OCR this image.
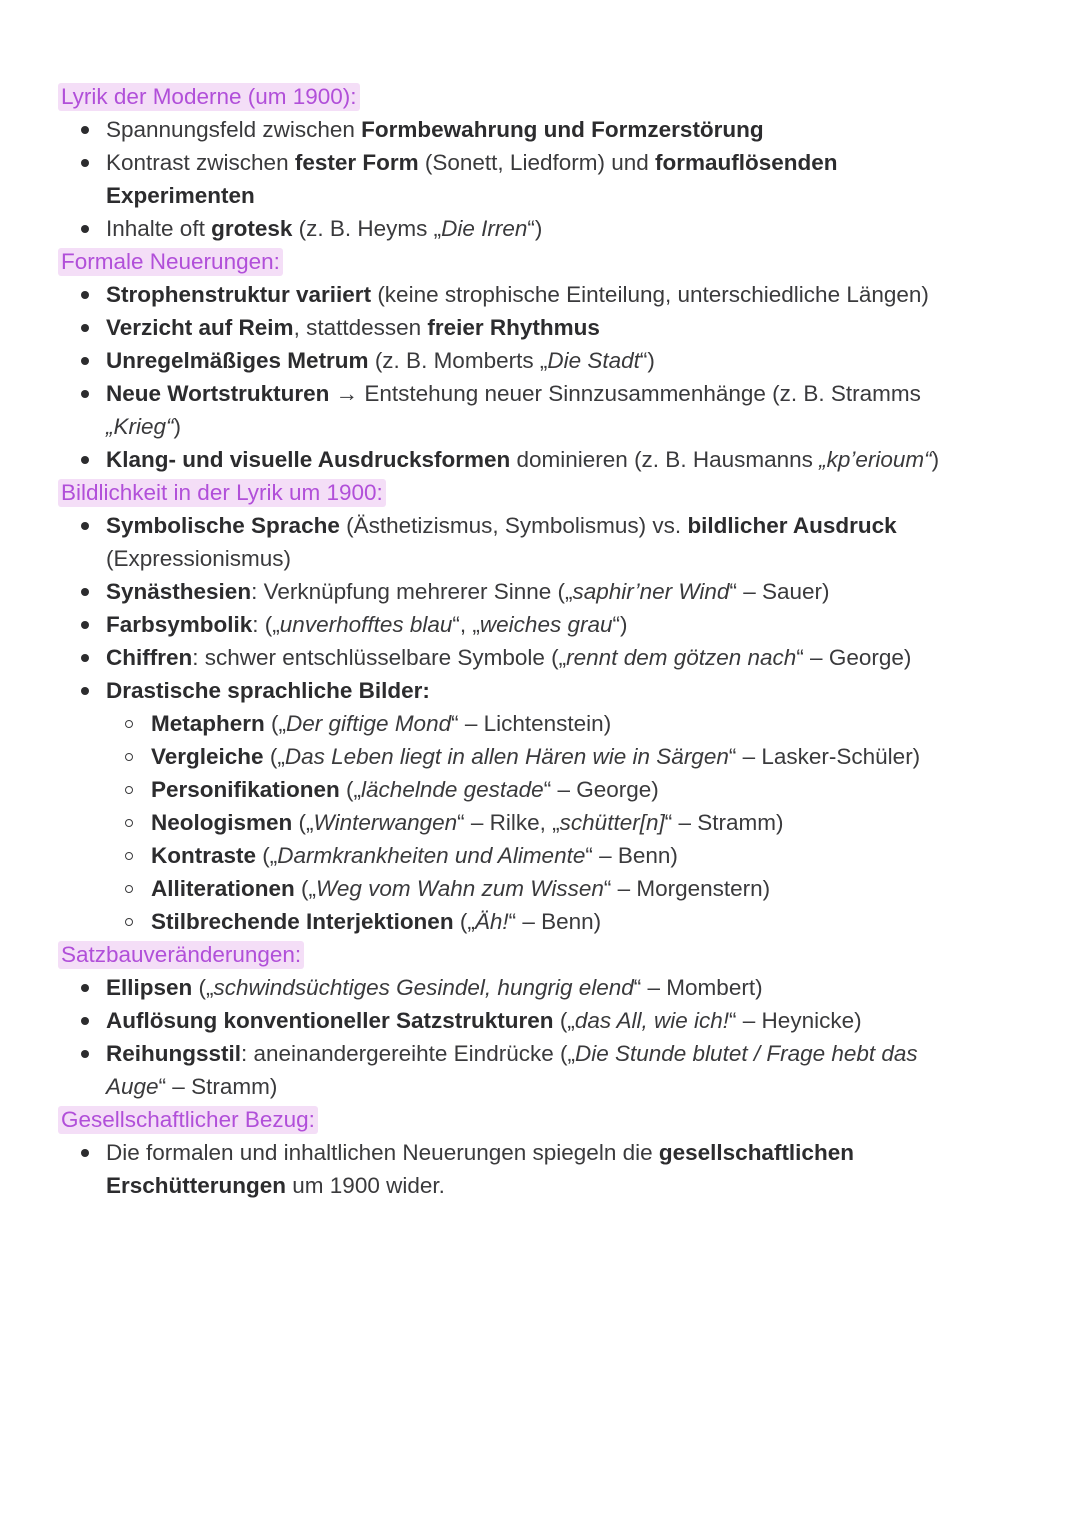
Lyrik der Moderne (um 1900):
Spannungsfeld zwischen Formbewahrung und Formzerstörung
Kontrast zwischen fester Form (Sonett, Liedform) und formauflösenden Experimenten
Inhalte oft grotesk (z. B. Heyms „Die Irren“)
Formale Neuerungen:
Strophenstruktur variiert (keine strophische Einteilung, unterschiedliche Längen)
Verzicht auf Reim, stattdessen freier Rhythmus
Unregelmäßiges Metrum (z. B. Momberts „Die Stadt“)
Neue Wortstrukturen → Entstehung neuer Sinnzusammenhänge (z. B. Stramms „Krieg“)
Klang- und visuelle Ausdrucksformen dominieren (z. B. Hausmanns „kp’erioum“)
Bildlichkeit in der Lyrik um 1900:
Symbolische Sprache (Ästhetizismus, Symbolismus) vs. bildlicher Ausdruck (Expressionismus)
Synästhesien: Verknüpfung mehrerer Sinne („saphir’ner Wind“ – Sauer)
Farbsymbolik: („unverhofftes blau“, „weiches grau“)
Chiffren: schwer entschlüsselbare Symbole („rennt dem götzen nach“ – George)
Drastische sprachliche Bilder:
Metaphern („Der giftige Mond“ – Lichtenstein)
Vergleiche („Das Leben liegt in allen Hären wie in Särgen“ – Lasker-Schüler)
Personifikationen („lächelnde gestade“ – George)
Neologismen („Winterwangen“ – Rilke, „schütter[n]“ – Stramm)
Kontraste („Darmkrankheiten und Alimente“ – Benn)
Alliterationen („Weg vom Wahn zum Wissen“ – Morgenstern)
Stilbrechende Interjektionen („Äh!“ – Benn)
Satzbauveränderungen:
Ellipsen („schwindsüchtiges Gesindel, hungrig elend“ – Mombert)
Auflösung konventioneller Satzstrukturen („das All, wie ich!“ – Heynicke)
Reihungsstil: aneinandergereihte Eindrücke („Die Stunde blutet / Frage hebt das Auge“ – Stramm)
Gesellschaftlicher Bezug:
Die formalen und inhaltlichen Neuerungen spiegeln die gesellschaftlichen Erschütterungen um 1900 wider.
